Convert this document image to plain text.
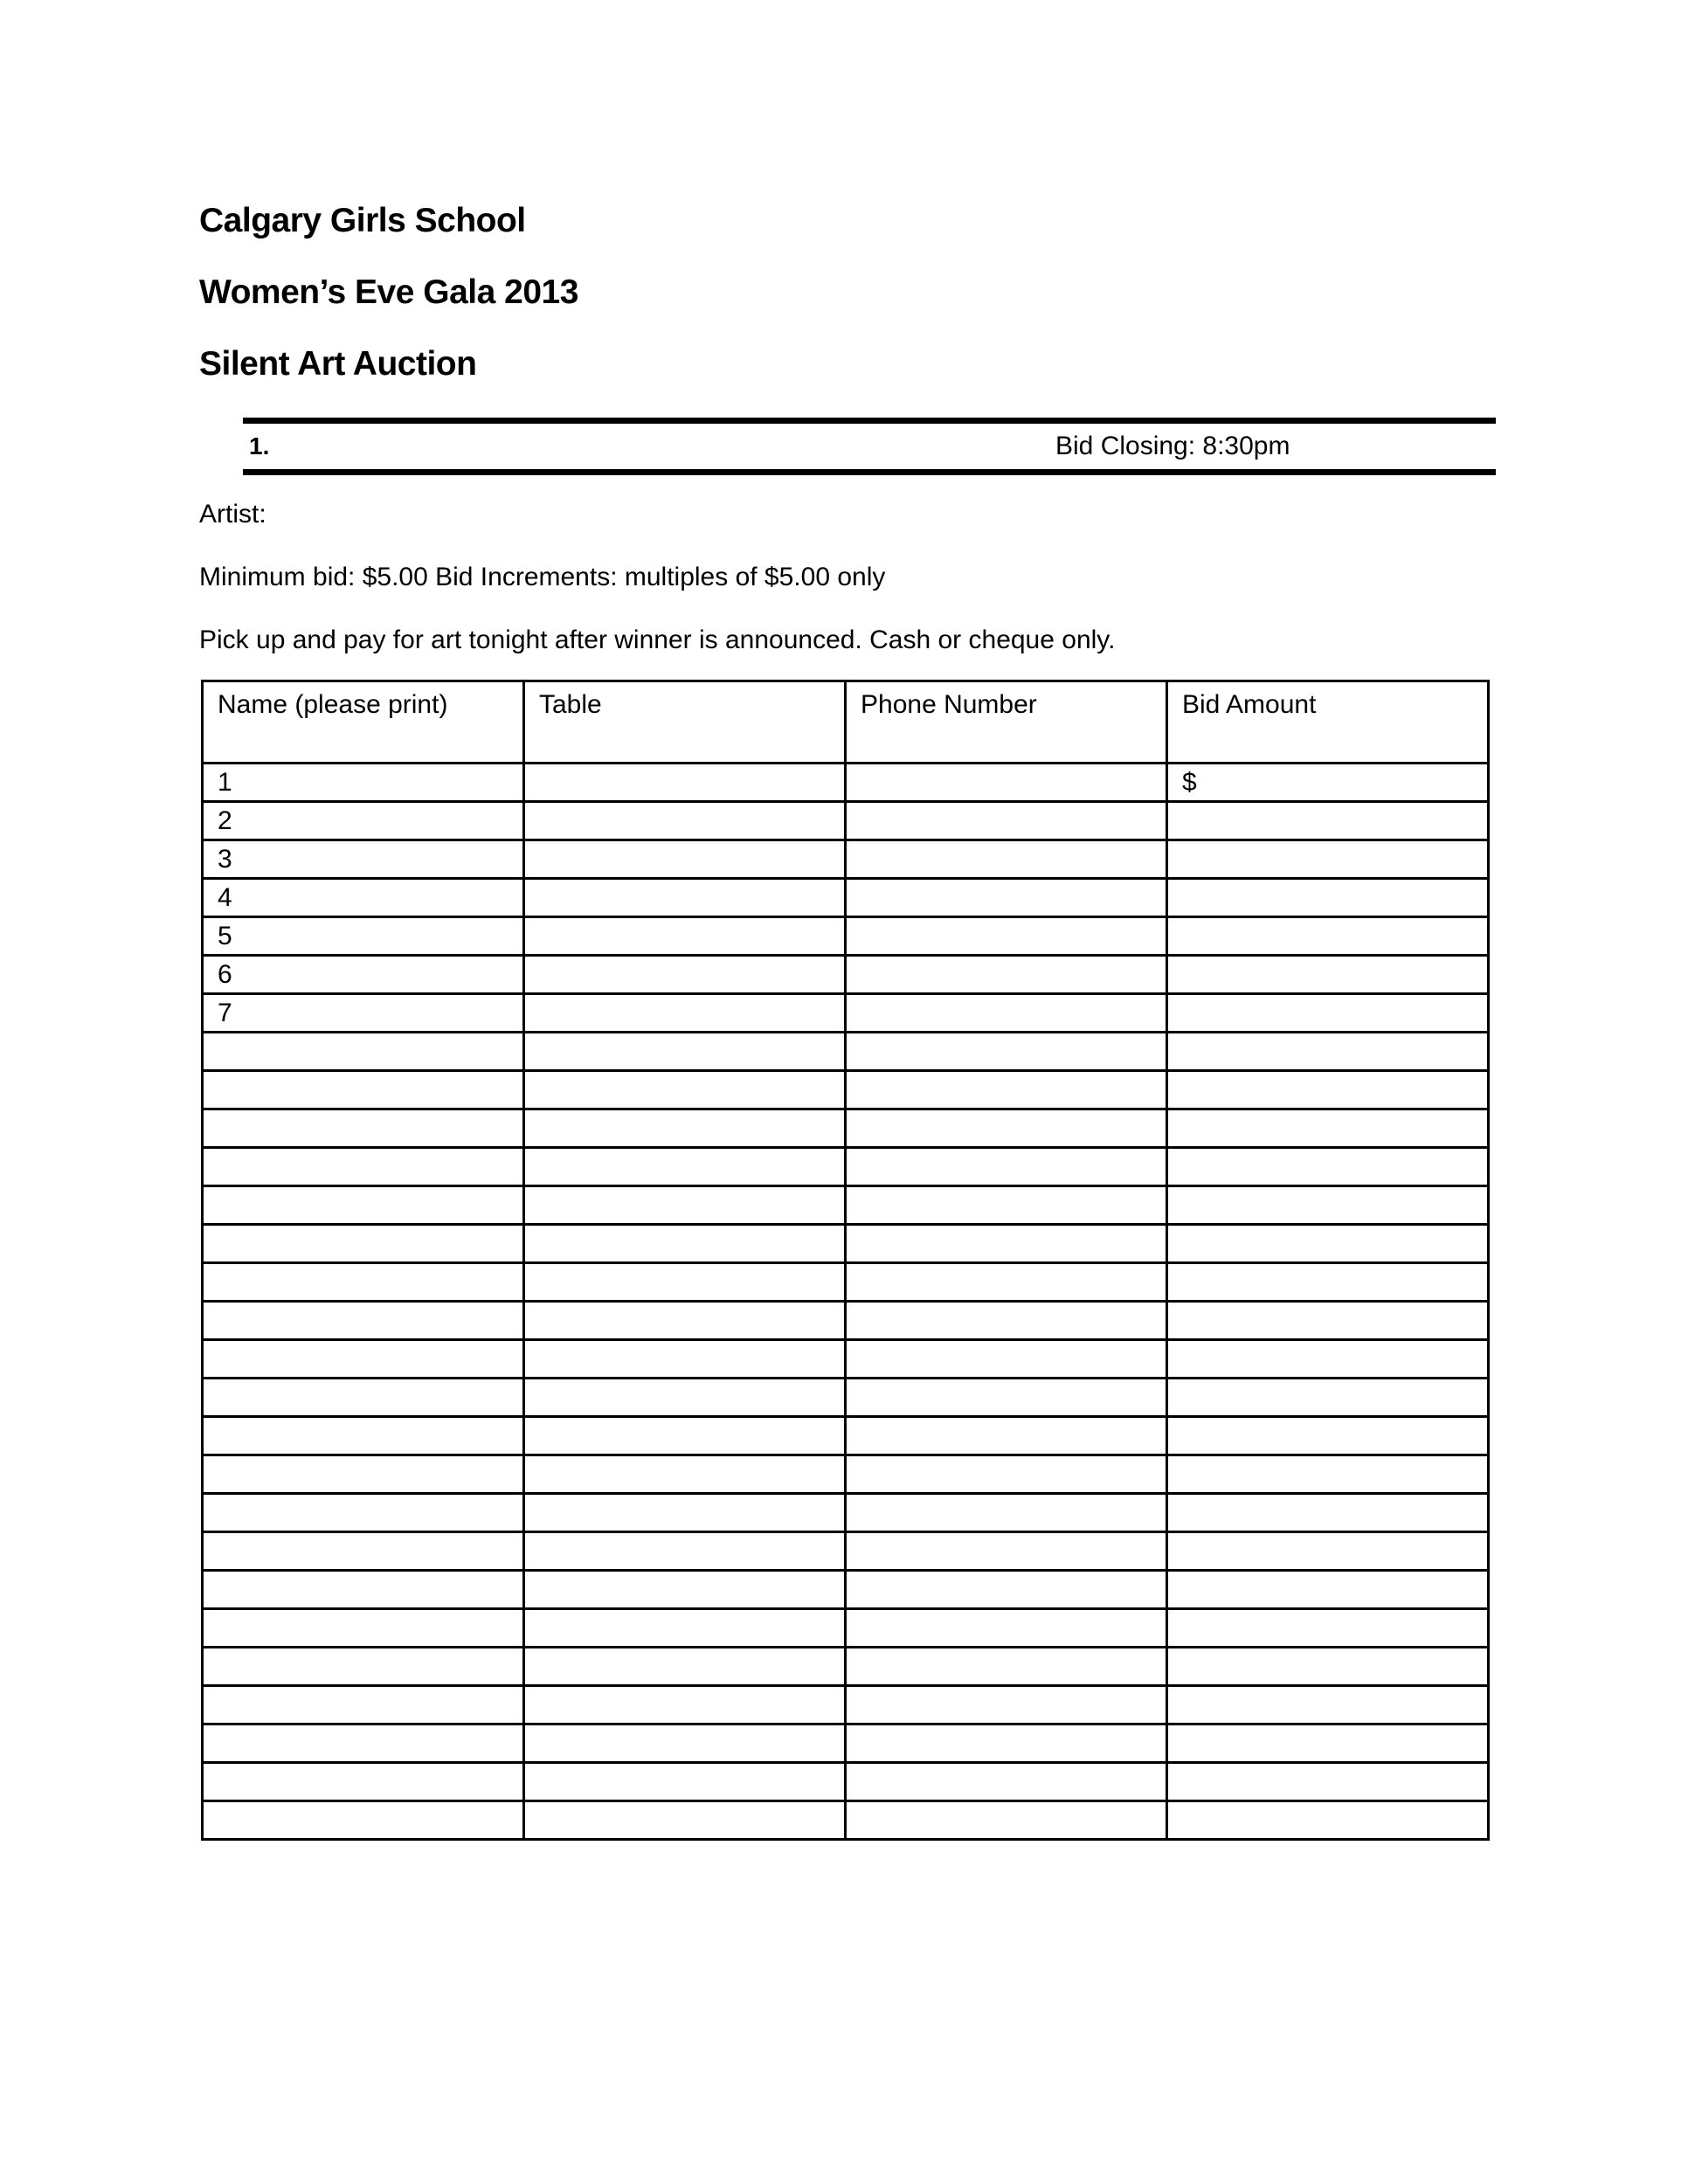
Calgary Girls School
Women’s Eve Gala 2013
Silent Art Auction
1.	Bid Closing: 8:30pm
Artist:
Minimum bid: $5.00 Bid Increments: multiples of $5.00 only
Pick up and pay for art tonight after winner is announced. Cash or cheque only.
Name (please print)	Table	Phone Number	Bid Amount
1			$
2			
3			
4			
5			
6			
7			
